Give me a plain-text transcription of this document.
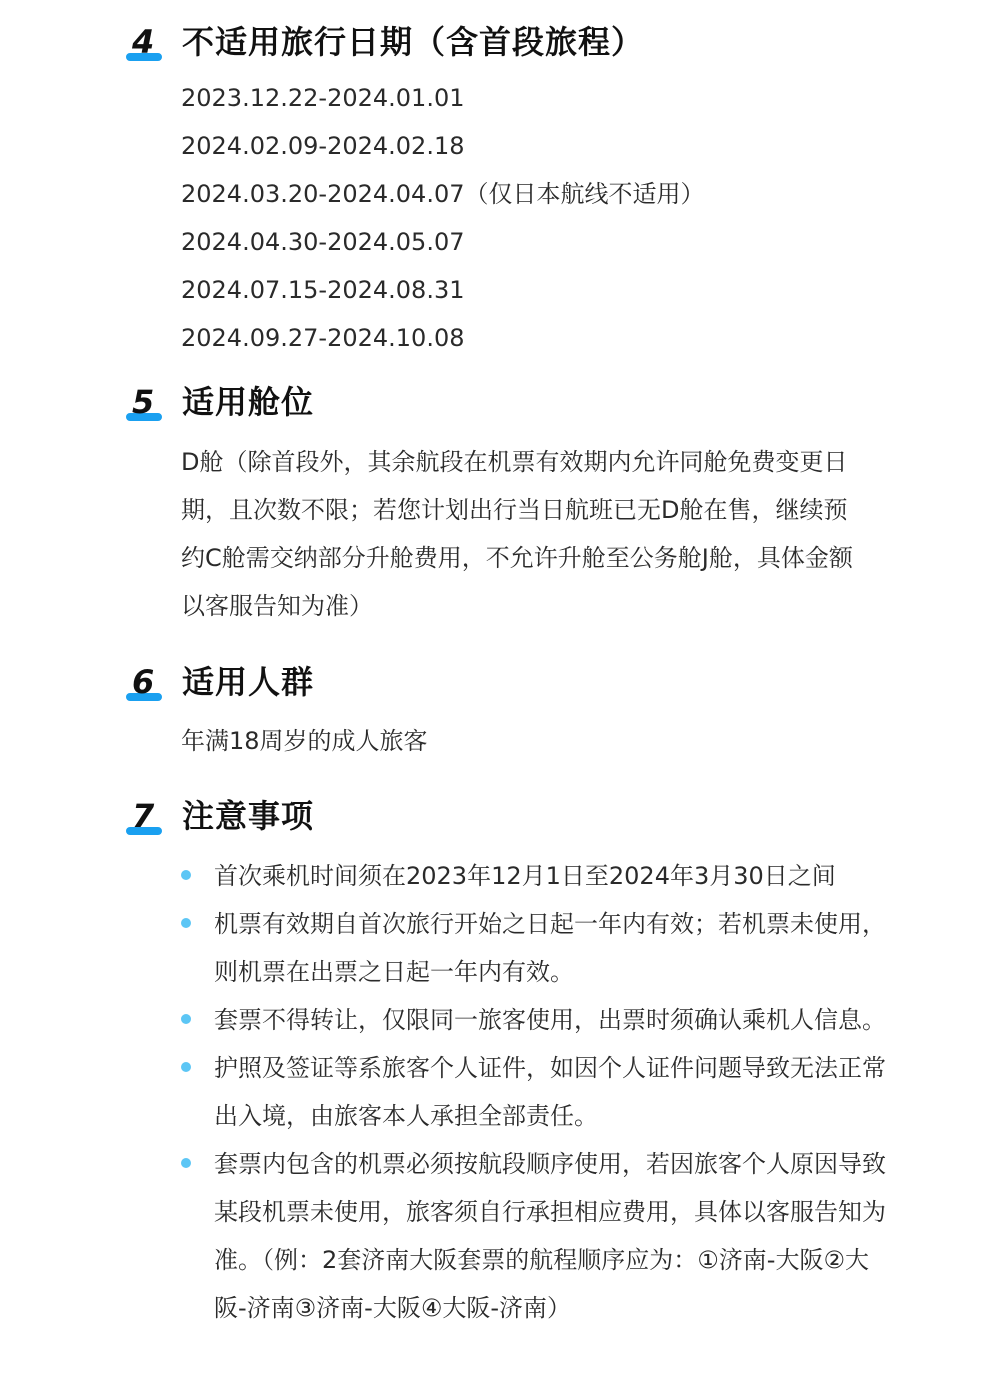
4 不适用旅行日期（含首段旅程）
2023.12.22-2024.01.01
2024.02.09-2024.02.18
2024.03.20-2024.04.07（仅日本航线不适用）
2024.04.30-2024.05.07
2024.07.15-2024.08.31
2024.09.27-2024.10.08
5 适用舱位
D舱（除首段外，其余航段在机票有效期内允许同舱免费变更日期，且次数不限；若您计划出行当日航班已无D舱在售，继续预约C舱需交纳部分升舱费用，不允许升舱至公务舱J舱，具体金额以客服告知为准）
6 适用人群
年满18周岁的成人旅客
7 注意事项
首次乘机时间须在2023年12月1日至2024年3月30日之间
机票有效期自首次旅行开始之日起一年内有效；若机票未使用，则机票在出票之日起一年内有效。
套票不得转让，仅限同一旅客使用，出票时须确认乘机人信息。
护照及签证等系旅客个人证件，如因个人证件问题导致无法正常出入境，由旅客本人承担全部责任。
套票内包含的机票必须按航段顺序使用，若因旅客个人原因导致某段机票未使用，旅客须自行承担相应费用，具体以客服告知为准。（例：2套济南大阪套票的航程顺序应为：①济南-大阪②大阪-济南③济南-大阪④大阪-济南）
